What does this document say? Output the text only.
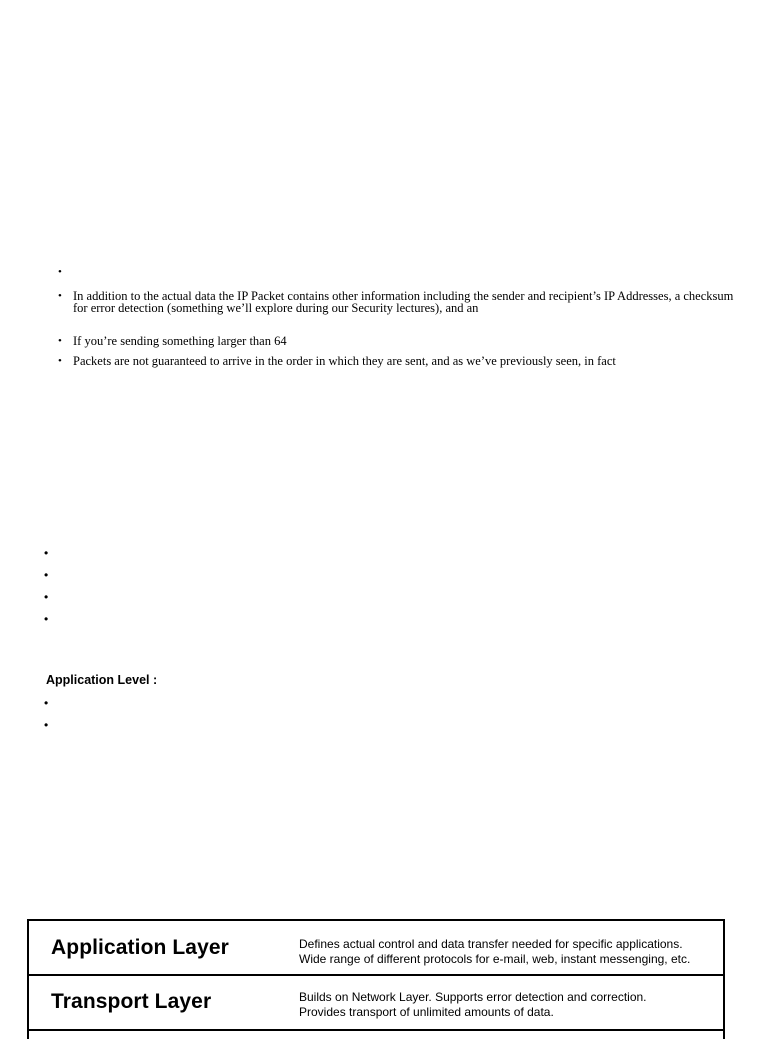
•
• In addition to the actual data the IP Packet contains other information including the sender and recipient’s IP Addresses, a checksum for error detection (something we’ll explore during our Security lectures), and an
• If you’re sending something larger than 64
• Packets are not guaranteed to arrive in the order in which they are sent, and as we’ve previously seen, in fact
•
•
•
•
Application Level :
•
•
Application Layer	Defines actual control and data transfer needed for specific applications.
Wide range of different protocols for e-mail, web, instant messenging, etc.
Transport Layer	Builds on Network Layer. Supports error detection and correction.
Provides transport of unlimited amounts of data.
